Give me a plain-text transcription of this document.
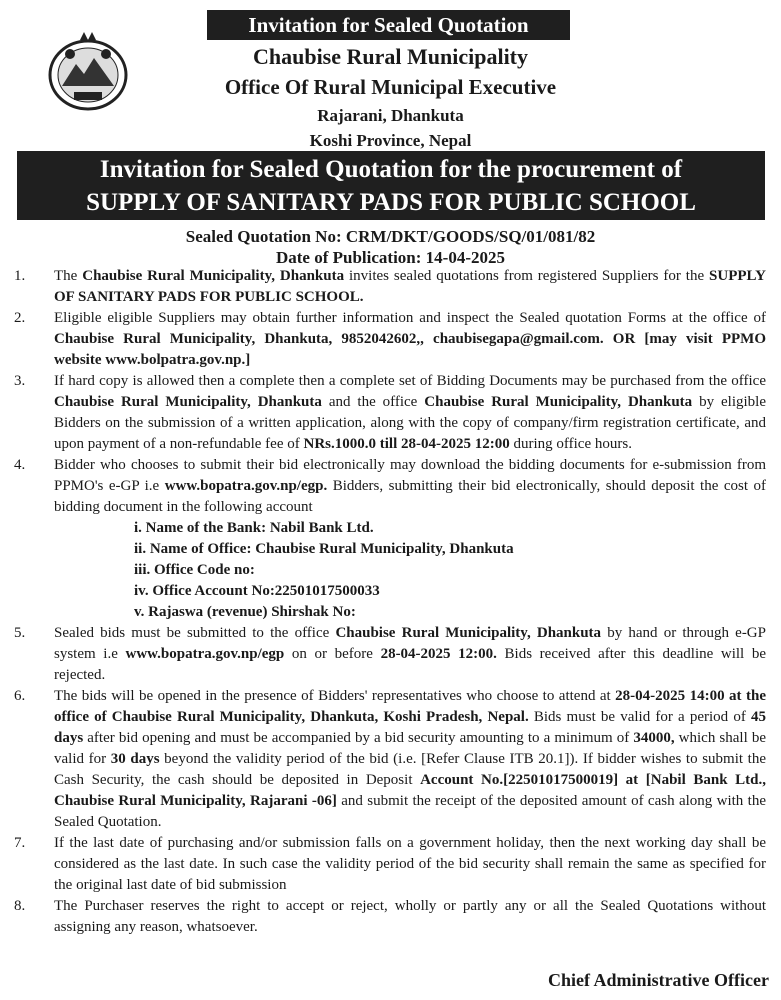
Invitation for Sealed Quotation
Chaubise Rural Municipality
Office Of Rural Municipal Executive
Rajarani, Dhankuta
Koshi Province, Nepal
Invitation for Sealed Quotation for the procurement of
SUPPLY OF SANITARY PADS FOR PUBLIC SCHOOL
Sealed Quotation No: CRM/DKT/GOODS/SQ/01/081/82
Date of Publication: 14-04-2025
1.	The Chaubise Rural Municipality, Dhankuta invites sealed quotations from registered Suppliers for the SUPPLY OF SANITARY PADS FOR PUBLIC SCHOOL.
2.	Eligible eligible Suppliers may obtain further information and inspect the Sealed quotation Forms at the office of Chaubise Rural Municipality, Dhankuta, 9852042602,, chaubisegapa@gmail.com. OR [may visit PPMO website www.bolpatra.gov.np.]
3.	If hard copy is allowed then a complete then a complete set of Bidding Documents may be purchased from the office Chaubise Rural Municipality, Dhankuta and the office Chaubise Rural Municipality, Dhankuta by eligible Bidders on the submission of a written application, along with the copy of company/firm registration certificate, and upon payment of a non-refundable fee of NRs.1000.0 till 28-04-2025 12:00 during office hours.
4.	Bidder who chooses to submit their bid electronically may download the bidding documents for e-submission from PPMO's e-GP i.e www.bopatra.gov.np/egp. Bidders, submitting their bid electronically, should deposit the cost of bidding document in the following account
i. Name of the Bank: Nabil Bank Ltd.
ii. Name of Office: Chaubise Rural Municipality, Dhankuta
iii. Office Code no:
iv. Office Account No:22501017500033
v. Rajaswa (revenue) Shirshak No:
5.	Sealed bids must be submitted to the office Chaubise Rural Municipality, Dhankuta by hand or through e-GP system i.e www.bopatra.gov.np/egp on or before 28-04-2025 12:00. Bids received after this deadline will be rejected.
6.	The bids will be opened in the presence of Bidders' representatives who choose to attend at 28-04-2025 14:00 at the office of Chaubise Rural Municipality, Dhankuta, Koshi Pradesh, Nepal. Bids must be valid for a period of 45 days after bid opening and must be accompanied by a bid security amounting to a minimum of 34000, which shall be valid for 30 days beyond the validity period of the bid (i.e. [Refer Clause ITB 20.1]). If bidder wishes to submit the Cash Security, the cash should be deposited in Deposit Account No.[22501017500019] at [Nabil Bank Ltd., Chaubise Rural Municipality, Rajarani -06] and submit the receipt of the deposited amount of cash along with the Sealed Quotation.
7.	If the last date of purchasing and/or submission falls on a government holiday, then the next working day shall be considered as the last date. In such case the validity period of the bid security shall remain the same as specified for the original last date of bid submission
8.	The Purchaser reserves the right to accept or reject, wholly or partly any or all the Sealed Quotations without assigning any reason, whatsoever.
Chief Administrative Officer
